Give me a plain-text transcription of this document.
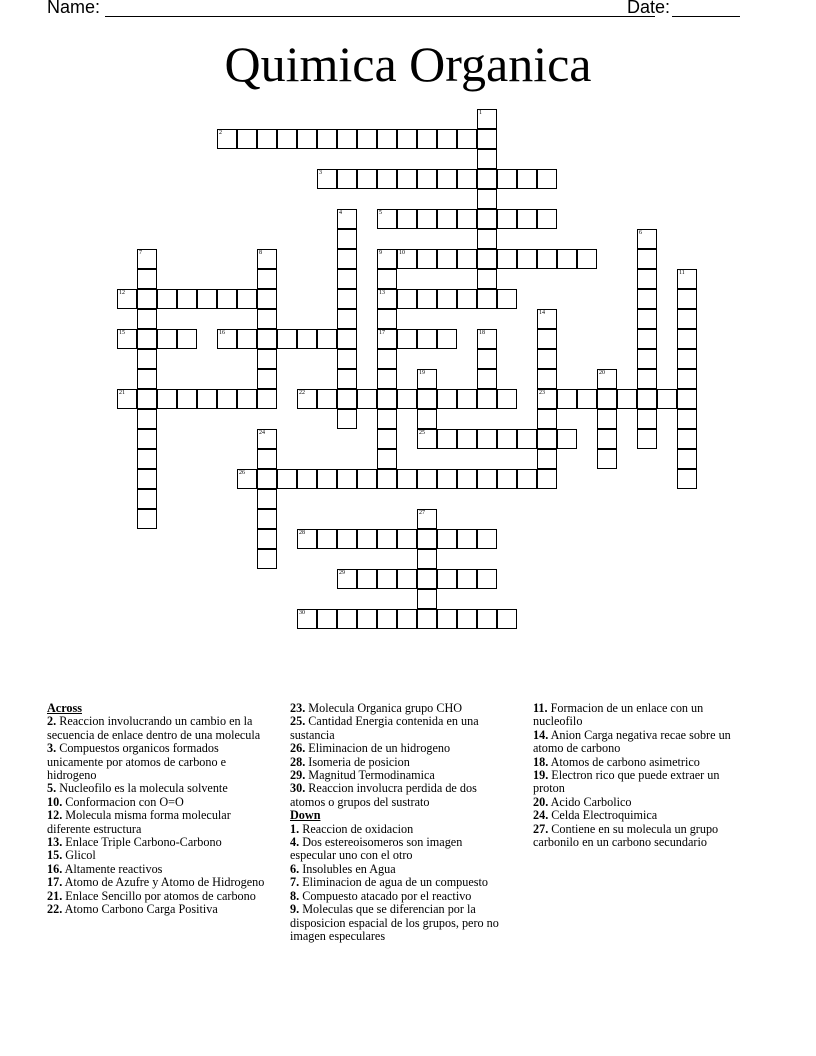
Name:	Date:
Quimica Organica
1
2
3
4	5
6
7	8	9
13
17
10
11
12
14
23
15	16	18
19
25
20
21	22
24
26
27
28
29
30
Across
2. Reaccion involucrando un cambio en la secuencia de enlace dentro de una molecula
3. Compuestos organicos formados unicamente por atomos de carbono e hidrogeno
5. Nucleofilo es la molecula solvente
10. Conformacion con O=O
12. Molecula misma forma molecular diferente estructura
13. Enlace Triple Carbono-Carbono
15. Glicol
16. Altamente reactivos
17. Atomo de Azufre y Atomo de Hidrogeno
21. Enlace Sencillo por atomos de carbono
22. Atomo Carbono Carga Positiva
23. Molecula Organica grupo CHO
25. Cantidad Energia contenida en una sustancia
26. Eliminacion de un hidrogeno
28. Isomeria de posicion
29. Magnitud Termodinamica
30. Reaccion involucra perdida de dos atomos o grupos del sustrato
Down
1. Reaccion de oxidacion
4. Dos estereoisomeros son imagen especular uno con el otro
6. Insolubles en Agua
7. Eliminacion de agua de un compuesto
8. Compuesto atacado por el reactivo
9. Moleculas que se diferencian por la disposicion espacial de los grupos, pero no imagen especulares
11. Formacion de un enlace con un nucleofilo
14. Anion Carga negativa recae sobre un atomo de carbono
18. Atomos de carbono asimetrico
19. Electron rico que puede extraer un proton
20. Acido Carbolico
24. Celda Electroquimica
27. Contiene en su molecula un grupo carbonilo en un carbono secundario
